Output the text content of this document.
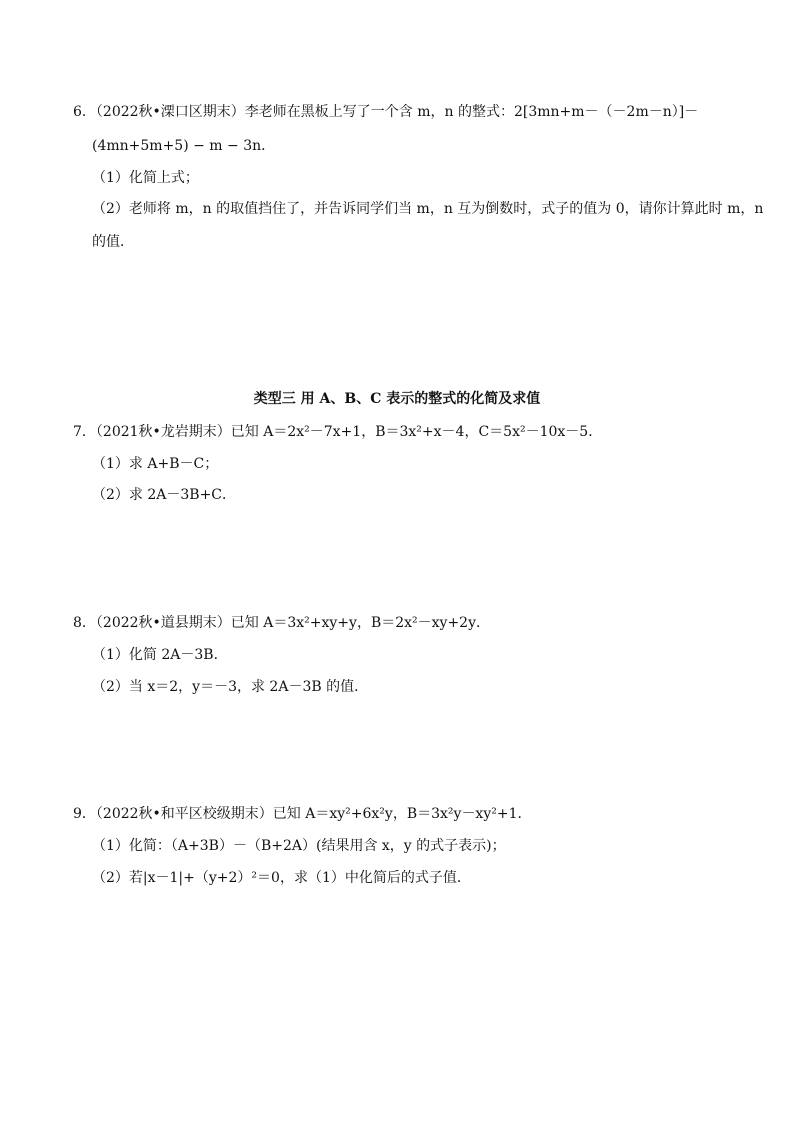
6．（2022秋•溧口区期末）李老师在黑板上写了一个含 m，n 的整式：2[3mn+m－（－2m－n）]－
(4mn+5m+5) − m − 3n．
（1）化简上式；
（2）老师将 m，n 的取值挡住了，并告诉同学们当 m，n 互为倒数时，式子的值为 0，请你计算此时 m，n
的值．
类型三 用 A、B、C 表示的整式的化简及求值
7．（2021秋•龙岩期末）已知 A＝2x²－7x+1，B＝3x²+x－4，C＝5x²－10x－5．
（1）求 A+B－C；
（2）求 2A－3B+C．
8．（2022秋•道县期末）已知 A＝3x²+xy+y，B＝2x²－xy+2y．
（1）化简 2A－3B．
（2）当 x＝2，y＝－3，求 2A－3B 的值．
9．（2022秋•和平区校级期末）已知 A＝xy²+6x²y，B＝3x²y－xy²+1．
（1）化简：（A+3B）－（B+2A）(结果用含 x，y 的式子表示)；
（2）若|x－1|+（y+2）²＝0，求（1）中化简后的式子值．
